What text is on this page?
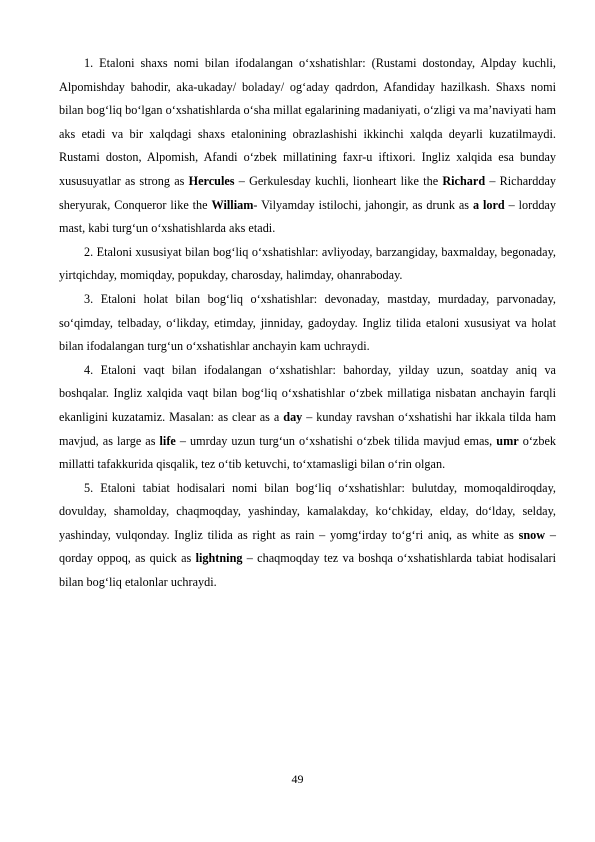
1. Etaloni shaxs nomi bilan ifodalangan o‘xshatishlar: (Rustami dostonday, Alpday kuchli, Alpomishday bahodir, aka-ukaday/ boladay/ og‘aday qadrdon, Afandiday hazilkash. Shaxs nomi bilan bog‘liq bo‘lgan o‘xshatishlarda o‘sha millat egalarining madaniyati, o‘zligi va ma’naviyati ham aks etadi va bir xalqdagi shaxs etalonining obrazlashishi ikkinchi xalqda deyarli kuzatilmaydi. Rustami doston, Alpomish, Afandi o‘zbek millatining faxr-u iftixori. Ingliz xalqida esa bunday xususuyatlar as strong as Hercules – Gerkulesday kuchli, lionheart like the Richard – Richardday sheryurak, Conqueror like the William- Vilyamday istilochi, jahongir, as drunk as a lord – lordday mast, kabi turg‘un o‘xshatishlarda aks etadi.

2. Etaloni xususiyat bilan bog‘liq o‘xshatishlar: avliyoday, barzangiday, baxmalday, begonaday, yirtqichday, momiqday, popukday, charosday, halimday, ohanraboday.

3. Etaloni holat bilan bog‘liq o‘xshatishlar: devonaday, mastday, murdaday, parvonaday, so‘qimday, telbaday, o‘likday, etimday, jinniday, gadoyday. Ingliz tilida etaloni xususiyat va holat bilan ifodalangan turg‘un o‘xshatishlar anchayin kam uchraydi.

4. Etaloni vaqt bilan ifodalangan o‘xshatishlar: bahorday, yilday uzun, soatday aniq va boshqalar. Ingliz xalqida vaqt bilan bog‘liq o‘xshatishlar o‘zbek millatiga nisbatan anchayin farqli ekanligini kuzatamiz. Masalan: as clear as a day – kunday ravshan o‘xshatishi har ikkala tilda ham mavjud, as large as life – umrday uzun turg‘un o‘xshatishi o‘zbek tilida mavjud emas, umr o‘zbek millatti tafakkurida qisqalik, tez o‘tib ketuvchi, to‘xtamasligi bilan o‘rin olgan.

5. Etaloni tabiat hodisalari nomi bilan bog‘liq o‘xshatishlar: bulutday, momoqaldiroqday, dovulday, shamolday, chaqmoqday, yashinday, kamalakday, ko‘chkiday, elday, do‘lday, selday, yashinday, vulqonday. Ingliz tilida as right as rain – yomg‘irday to‘g‘ri aniq, as white as snow – qorday oppoq, as quick as lightning – chaqmoqday tez va boshqa o‘xshatishlarda tabiat hodisalari bilan bog‘liq etalonlar uchraydi.

49
